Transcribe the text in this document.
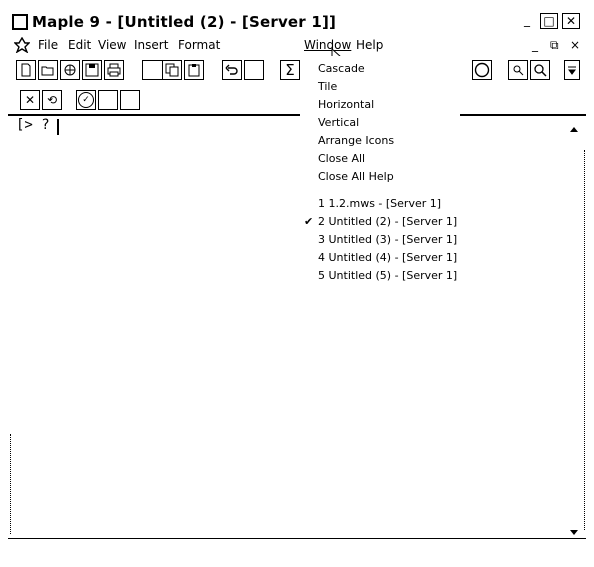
Maple 9 - [Untitled (2) - [Server 1]]	_	□ ✕
File Edit View Insert Format	Window Help	_ ⧉ ×
Σ
✕ ⟲	✓
[> ?
Cascade
Tile
Horizontal
Vertical
Arrange Icons
Close All
Close All Help
1 1.2.mws - [Server 1]
✔ 2 Untitled (2) - [Server 1]
3 Untitled (3) - [Server 1]
4 Untitled (4) - [Server 1]
5 Untitled (5) - [Server 1]
